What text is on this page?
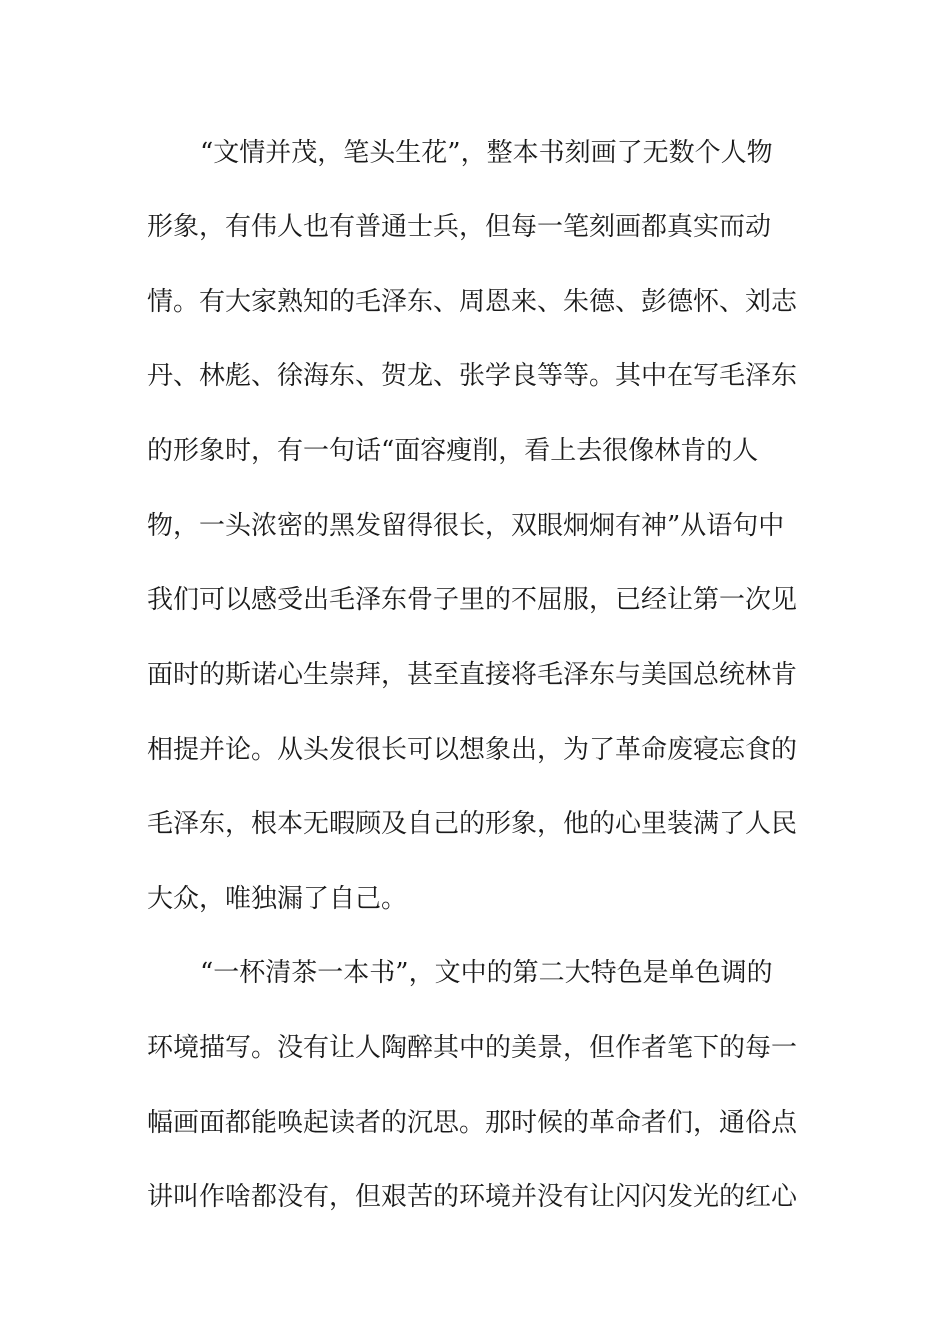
“文情并茂，笔头生花”，整本书刻画了无数个人物
形象，有伟人也有普通士兵，但每一笔刻画都真实而动
情。有大家熟知的毛泽东、周恩来、朱德、彭德怀、刘志
丹、林彪、徐海东、贺龙、张学良等等。其中在写毛泽东
的形象时，有一句话“面容瘦削，看上去很像林肯的人
物，一头浓密的黑发留得很长，双眼炯炯有神”从语句中
我们可以感受出毛泽东骨子里的不屈服，已经让第一次见
面时的斯诺心生崇拜，甚至直接将毛泽东与美国总统林肯
相提并论。从头发很长可以想象出，为了革命废寝忘食的
毛泽东，根本无暇顾及自己的形象，他的心里装满了人民
大众，唯独漏了自己。
“一杯清茶一本书”，文中的第二大特色是单色调的
环境描写。没有让人陶醉其中的美景，但作者笔下的每一
幅画面都能唤起读者的沉思。那时候的革命者们，通俗点
讲叫作啥都没有，但艰苦的环境并没有让闪闪发光的红心
